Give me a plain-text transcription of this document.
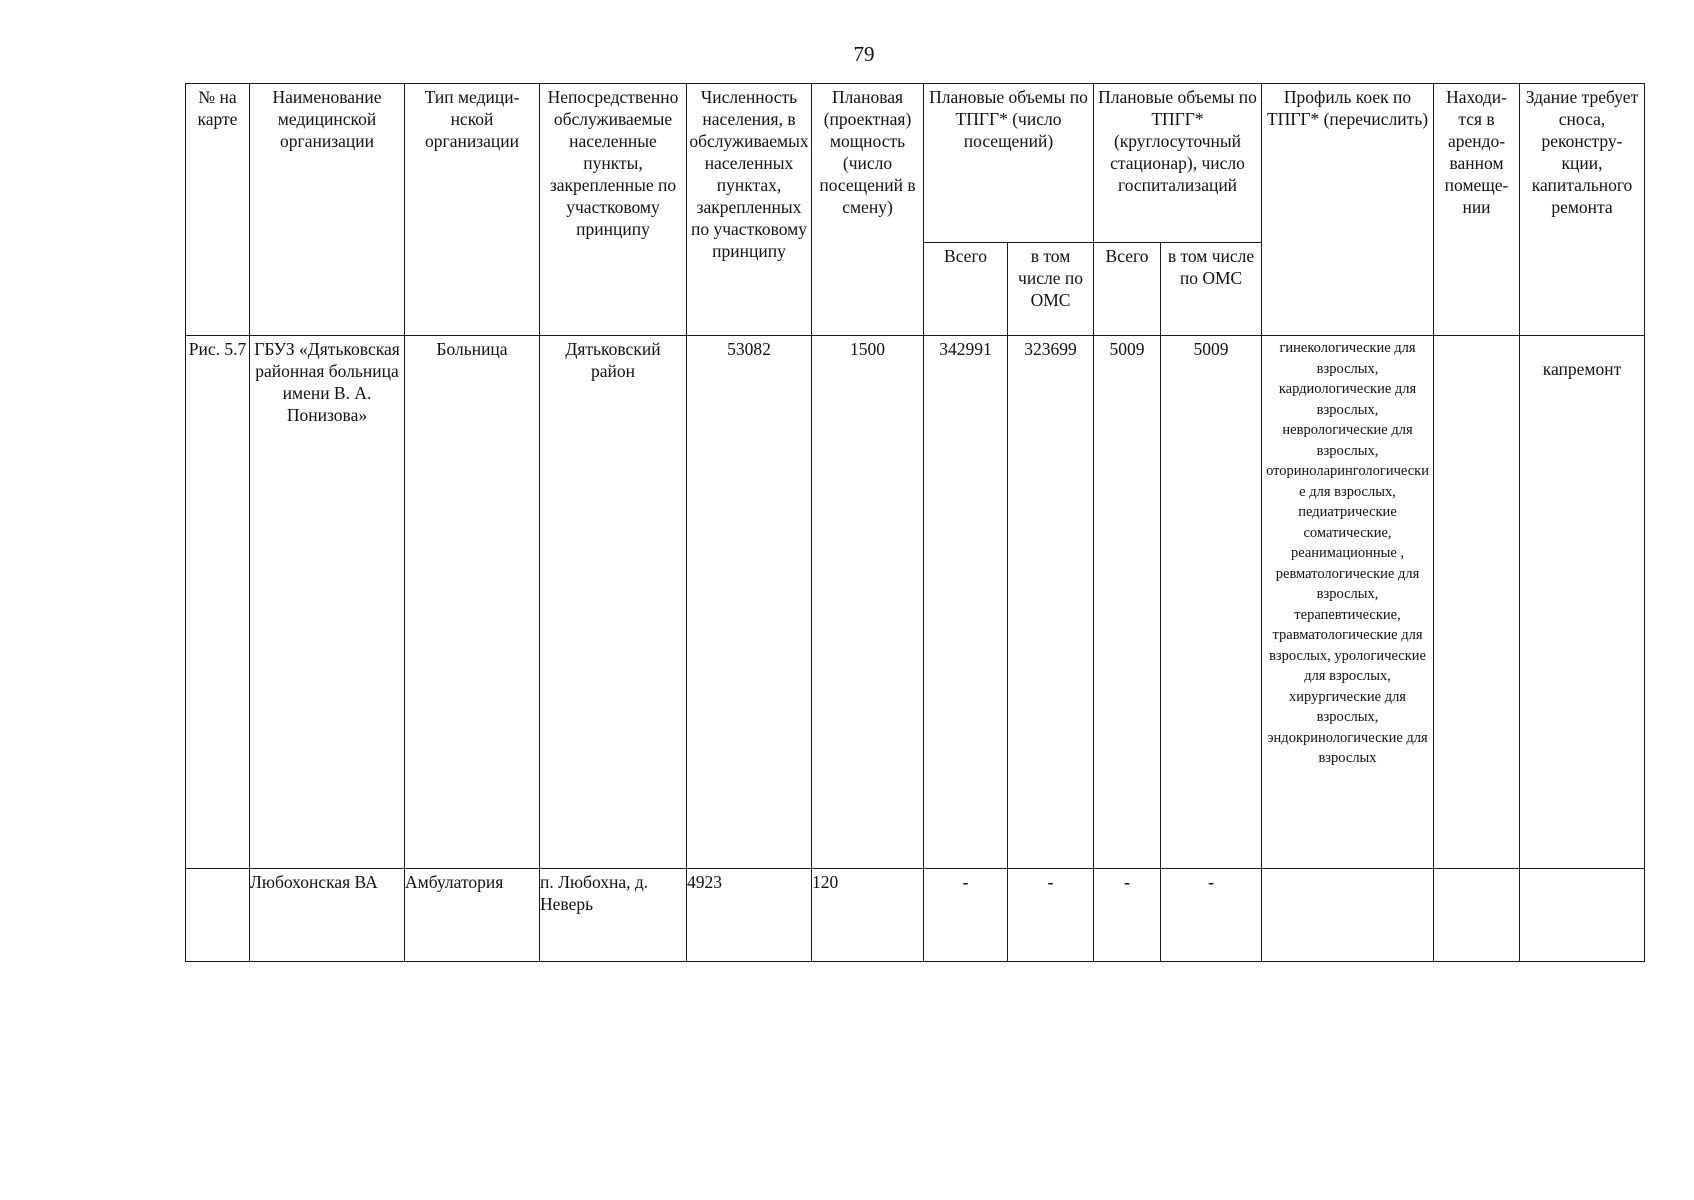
79
№ на карте	Наименование медицинской организации	Тип медици-нской организации	Непосредственно обслуживаемые населенные пункты, закрепленные по участковому принципу	Численность населения, в обслуживаемых населенных пунктах, закрепленных по участковому принципу	Плановая (проектная) мощность (число посещений в смену)	Плановые объемы по ТПГГ* (число посещений)		Плановые объемы по ТПГГ* (круглосуточный стационар), число госпитализаций		Профиль коек по ТПГГ* (перечислить)	Находи-тся в арендо-ванном помеще-нии	Здание требует сноса, реконстру-кции, капитального ремонта
						Всего	в том числе по ОМС	Всего	в том числе по ОМС			
Рис. 5.7	ГБУЗ «Дятьковская районная больница имени В. А. Понизова»	Больница	Дятьковский район	53082	1500	342991	323699	5009	5009	гинекологические для взрослых, кардиологические для взрослых, неврологические для взрослых, оториноларингологические для взрослых, педиатрические соматические, реанимационные , ревматологические для взрослых, терапевтические, травматологические для взрослых, урологические для взрослых, хирургические для взрослых, эндокринологические для взрослых		капремонт
	Любохонская ВА	Амбулатория	п. Любохна, д. Неверь	4923	120	-	-	-	-			
